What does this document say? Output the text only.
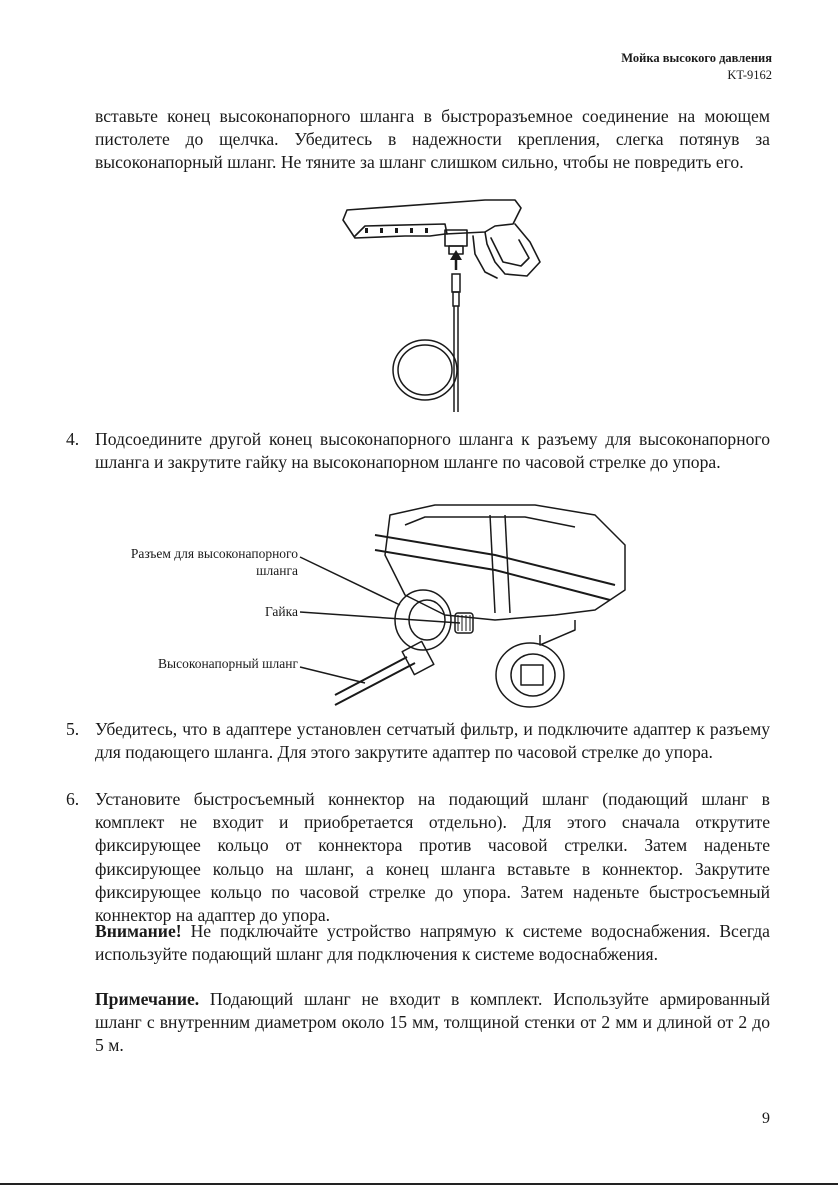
Мойка высокого давления
KT-9162

вставьте конец высоконапорного шланга в быстроразъемное соединение на моющем пистолете до щелчка. Убедитесь в надежности крепления, слегка потянув за высоконапорный шланг. Не тяните за шланг слишком сильно, чтобы не повредить его.

4. Подсоедините другой конец высоконапорного шланга к разъему для высоконапорного шланга и закрутите гайку на высоконапорном шланге по часовой стрелке до упора.

Разъем для высоконапорного шланга
Гайка
Высоконапорный шланг
5. Убедитесь, что в адаптере установлен сетчатый фильтр, и подключите адаптер к разъему для подающего шланга. Для этого закрутите адаптер по часовой стрелке до упора.

6. Установите быстросъемный коннектор на подающий шланг (подающий шланг в комплект не входит и приобретается отдельно). Для этого сначала открутите фиксирующее кольцо от коннектора против часовой стрелки. Затем наденьте фиксирующее кольцо на шланг, а конец шланга вставьте в коннектор. Закрутите фиксирующее кольцо по часовой стрелке до упора. Затем наденьте быстросъемный коннектор на адаптер до упора.

Внимание! Не подключайте устройство напрямую к системе водоснабжения. Всегда используйте подающий шланг для подключения к системе водоснабжения.

Примечание. Подающий шланг не входит в комплект. Используйте армированный шланг с внутренним диаметром около 15 мм, толщиной стенки от 2 мм и длиной от 2 до 5 м.

9
